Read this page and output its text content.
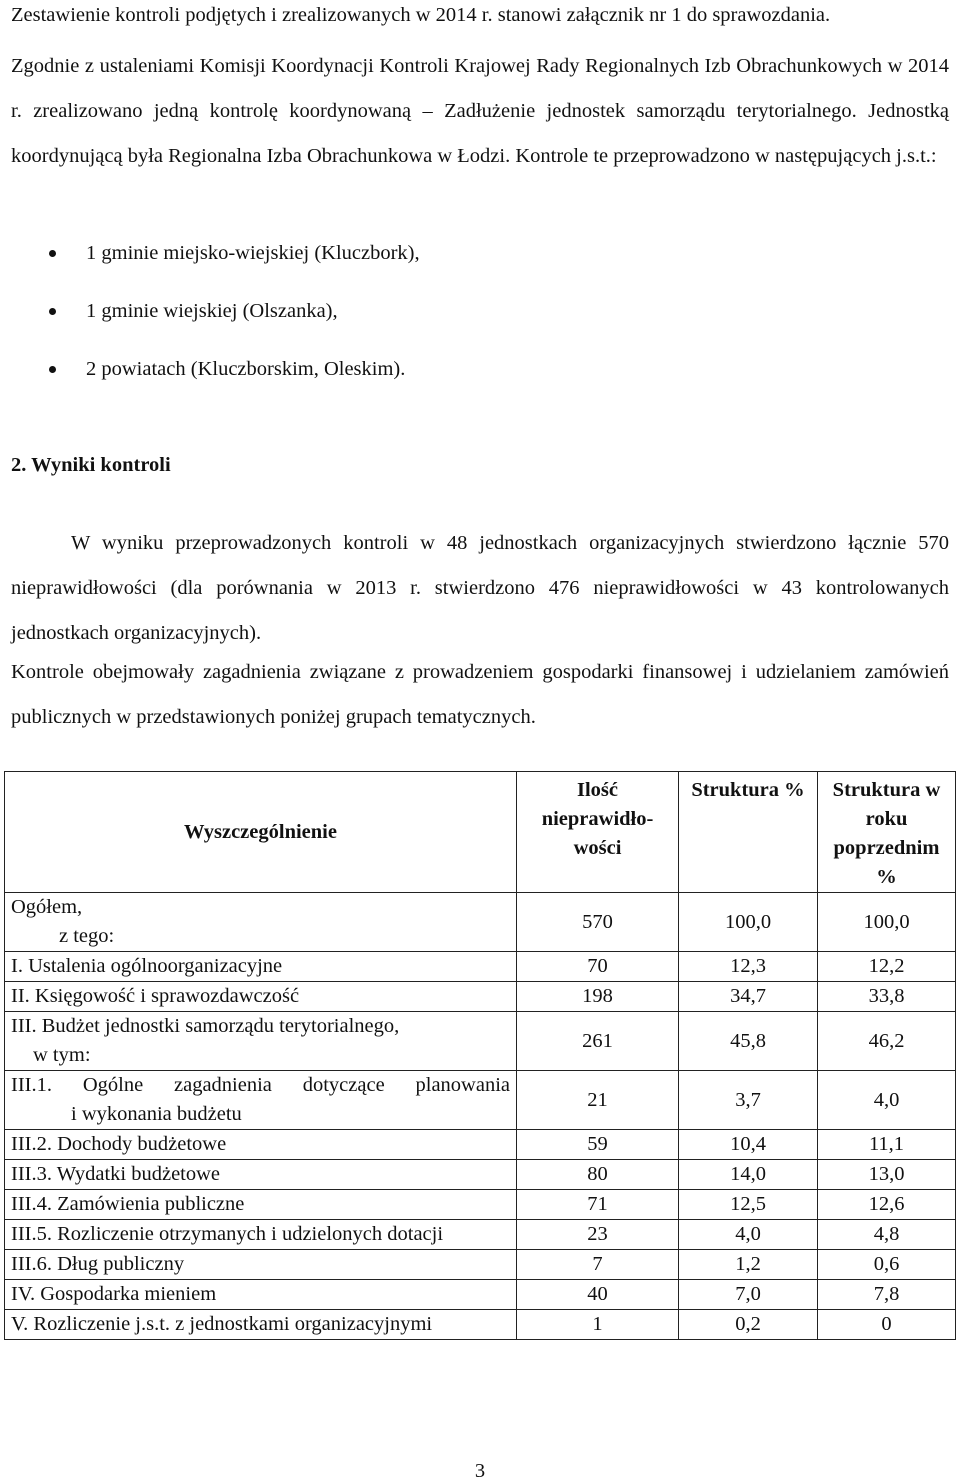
Zestawienie kontroli podjętych i zrealizowanych w 2014 r. stanowi załącznik nr 1 do sprawozdania.

Zgodnie z ustaleniami Komisji Koordynacji Kontroli Krajowej Rady Regionalnych Izb Obrachunkowych w 2014 r. zrealizowano jedną kontrolę koordynowaną – Zadłużenie jednostek samorządu terytorialnego. Jednostką koordynującą była Regionalna Izba Obrachunkowa w Łodzi. Kontrole te przeprowadzono w następujących j.s.t.:

1 gminie miejsko-wiejskiej (Kluczbork),
1 gminie wiejskiej (Olszanka),
2 powiatach (Kluczborskim, Oleskim).

2. Wyniki kontroli

W wyniku przeprowadzonych kontroli w 48 jednostkach organizacyjnych stwierdzono łącznie 570 nieprawidłowości (dla porównania w 2013 r. stwierdzono 476 nieprawidłowości w 43 kontrolowanych jednostkach organizacyjnych).

Kontrole obejmowały zagadnienia związane z prowadzeniem gospodarki finansowej i udzielaniem zamówień publicznych w przedstawionych poniżej grupach tematycznych.

Wyszczególnienie	Ilość nieprawidło-wości	Struktura %	Struktura w roku poprzednim %

Ogółem,
z tego:	570	100,0	100,0
I. Ustalenia ogólnoorganizacyjne	70	12,3	12,2
II. Księgowość i sprawozdawczość	198	34,7	33,8

III. Budżet jednostki samorządu terytorialnego,
w tym:	261	45,8	46,2

III.1. Ogólne zagadnienia dotyczące planowania
i wykonania budżetu	21	3,7	4,0
III.2. Dochody budżetowe	59	10,4	11,1
III.3. Wydatki budżetowe	80	14,0	13,0
III.4. Zamówienia publiczne	71	12,5	12,6
III.5. Rozliczenie otrzymanych i udzielonych dotacji	23	4,0	4,8
III.6. Dług publiczny	7	1,2	0,6
IV. Gospodarka mieniem	40	7,0	7,8
V. Rozliczenie j.s.t. z jednostkami organizacyjnymi	1	0,2	0
3
